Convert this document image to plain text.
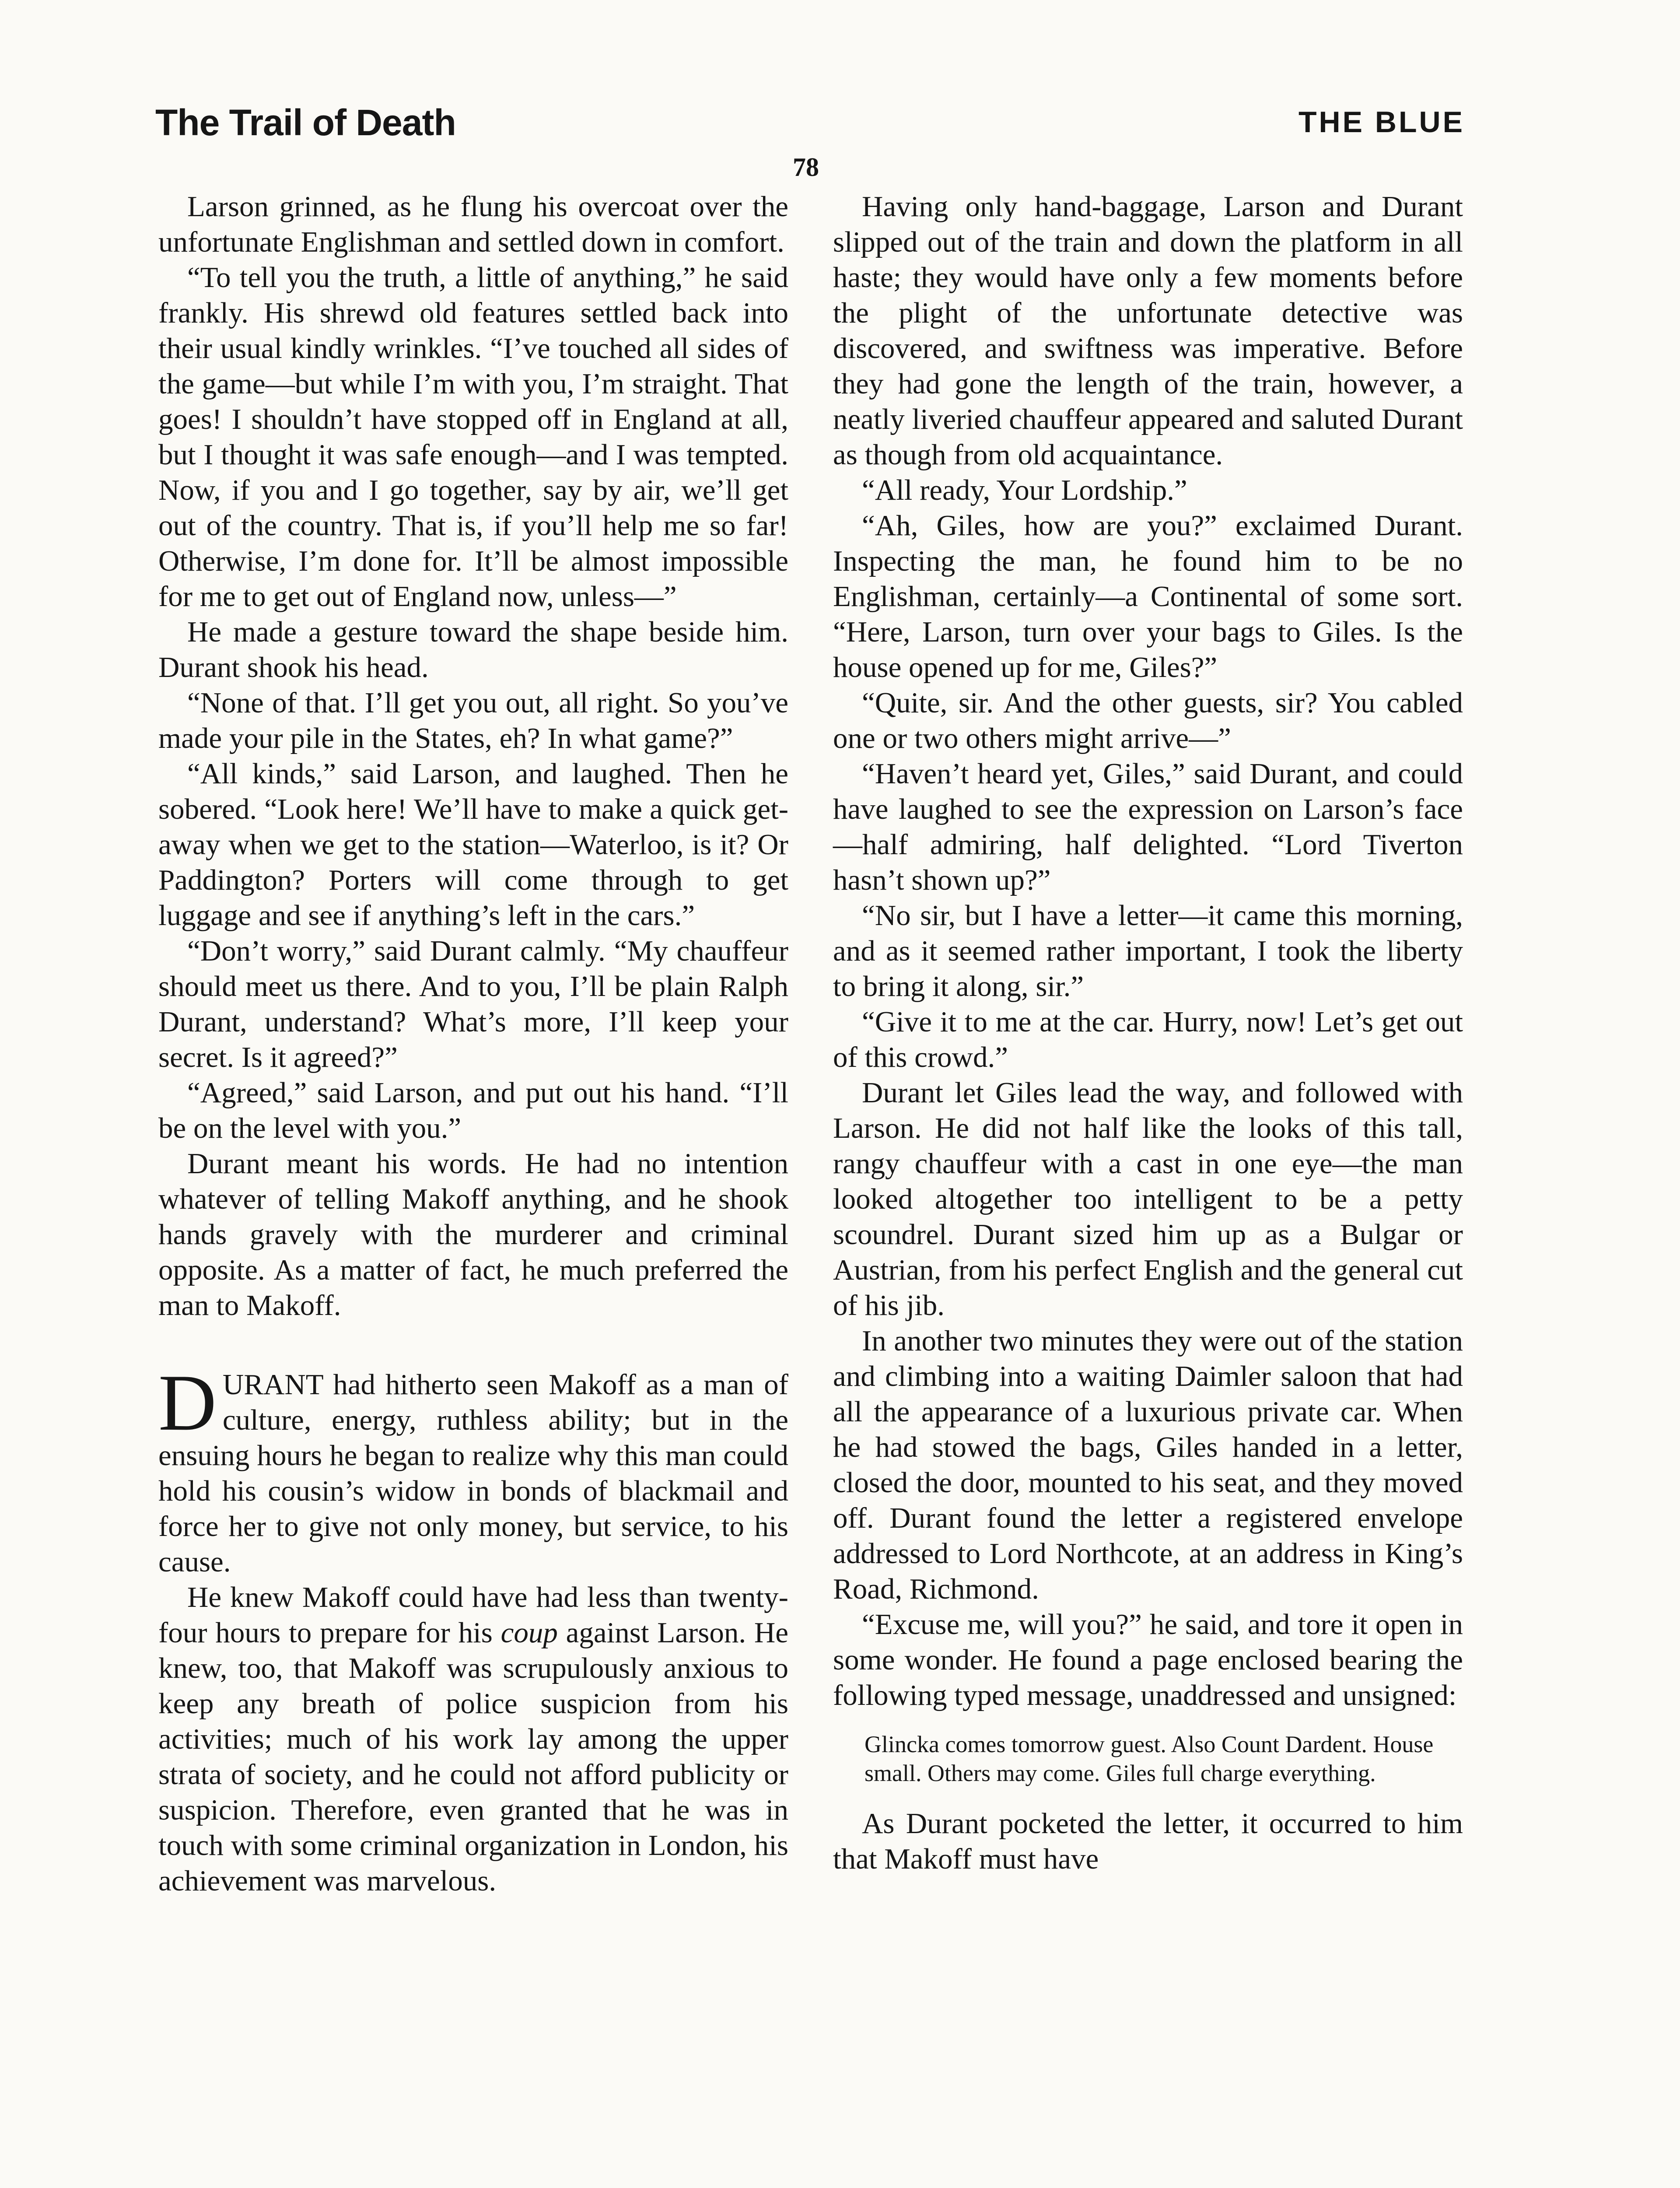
The Trail of Death	THE BLUE
78

Larson grinned, as he flung his overcoat over the unfortunate Englishman and settled down in comfort.

“To tell you the truth, a little of anything,” he said frankly. His shrewd old features settled back into their usual kindly wrinkles. “I’ve touched all sides of the game—but while I’m with you, I’m straight. That goes! I shouldn’t have stopped off in England at all, but I thought it was safe enough—and I was tempted. Now, if you and I go together, say by air, we’ll get out of the country. That is, if you’ll help me so far! Otherwise, I’m done for. It’ll be almost impossible for me to get out of England now, unless—”

He made a gesture toward the shape beside him. Durant shook his head.

“None of that. I’ll get you out, all right. So you’ve made your pile in the States, eh? In what game?”

“All kinds,” said Larson, and laughed. Then he sobered. “Look here! We’ll have to make a quick get-away when we get to the station—Waterloo, is it? Or Paddington? Porters will come through to get luggage and see if anything’s left in the cars.”

“Don’t worry,” said Durant calmly. “My chauffeur should meet us there. And to you, I’ll be plain Ralph Durant, understand? What’s more, I’ll keep your secret. Is it agreed?”

“Agreed,” said Larson, and put out his hand. “I’ll be on the level with you.”

Durant meant his words. He had no intention whatever of telling Makoff anything, and he shook hands gravely with the murderer and criminal opposite. As a matter of fact, he much preferred the man to Makoff.

DURANT had hitherto seen Makoff as a man of culture, energy, ruthless ability; but in the ensuing hours he began to realize why this man could hold his cousin’s widow in bonds of blackmail and force her to give not only money, but service, to his cause.

He knew Makoff could have had less than twenty-four hours to prepare for his coup against Larson. He knew, too, that Makoff was scrupulously anxious to keep any breath of police suspicion from his activities; much of his work lay among the upper strata of society, and he could not afford publicity or suspicion. Therefore, even granted that he was in touch with some criminal organization in London, his achievement was marvelous.

Having only hand-baggage, Larson and Durant slipped out of the train and down the platform in all haste; they would have only a few moments before the plight of the unfortunate detective was discovered, and swiftness was imperative. Before they had gone the length of the train, however, a neatly liveried chauffeur appeared and saluted Durant as though from old acquaintance.

“All ready, Your Lordship.”

“Ah, Giles, how are you?” exclaimed Durant. Inspecting the man, he found him to be no Englishman, certainly—a Continental of some sort. “Here, Larson, turn over your bags to Giles. Is the house opened up for me, Giles?”

“Quite, sir. And the other guests, sir? You cabled one or two others might arrive—”

“Haven’t heard yet, Giles,” said Durant, and could have laughed to see the expression on Larson’s face—half admiring, half delighted. “Lord Tiverton hasn’t shown up?”

“No sir, but I have a letter—it came this morning, and as it seemed rather important, I took the liberty to bring it along, sir.”

“Give it to me at the car. Hurry, now! Let’s get out of this crowd.”

Durant let Giles lead the way, and followed with Larson. He did not half like the looks of this tall, rangy chauffeur with a cast in one eye—the man looked altogether too intelligent to be a petty scoundrel. Durant sized him up as a Bulgar or Austrian, from his perfect English and the general cut of his jib.

In another two minutes they were out of the station and climbing into a waiting Daimler saloon that had all the appearance of a luxurious private car. When he had stowed the bags, Giles handed in a letter, closed the door, mounted to his seat, and they moved off. Durant found the letter a registered envelope addressed to Lord Northcote, at an address in King’s Road, Richmond.

“Excuse me, will you?” he said, and tore it open in some wonder. He found a page enclosed bearing the following typed message, unaddressed and unsigned:

Glincka comes tomorrow guest. Also Count Dardent. House small. Others may come. Giles full charge everything.

As Durant pocketed the letter, it occurred to him that Makoff must have
